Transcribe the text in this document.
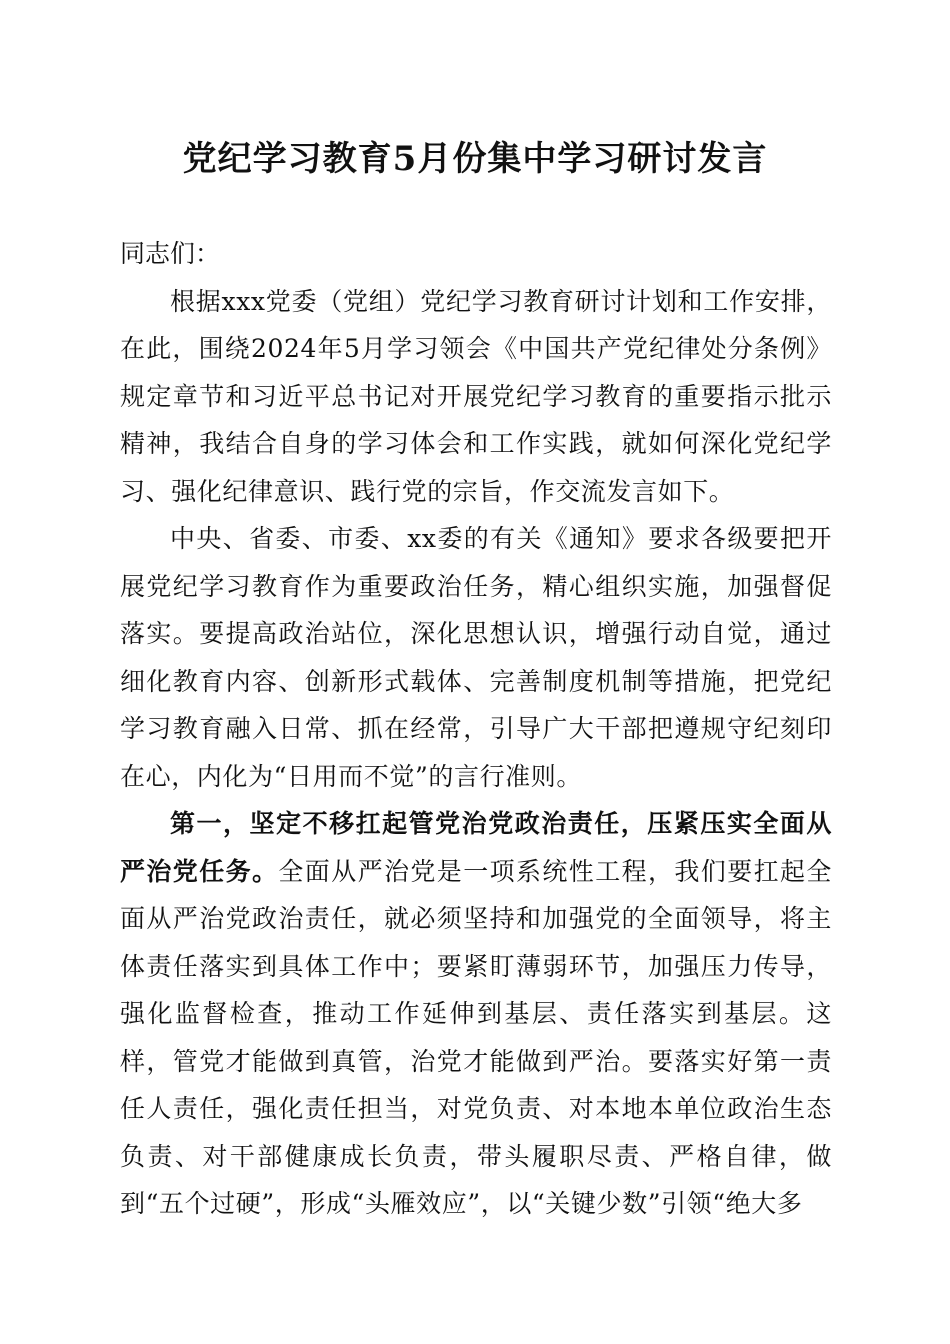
党纪学习教育5月份集中学习研讨发言

同志们：

根据xxx党委（党组）党纪学习教育研讨计划和工作安排，在此，围绕2024年5月学习领会《中国共产党纪律处分条例》规定章节和习近平总书记对开展党纪学习教育的重要指示批示精神，我结合自身的学习体会和工作实践，就如何深化党纪学习、强化纪律意识、践行党的宗旨，作交流发言如下。

中央、省委、市委、xx委的有关《通知》要求各级要把开展党纪学习教育作为重要政治任务，精心组织实施，加强督促落实。要提高政治站位，深化思想认识，增强行动自觉，通过细化教育内容、创新形式载体、完善制度机制等措施，把党纪学习教育融入日常、抓在经常，引导广大干部把遵规守纪刻印在心，内化为“日用而不觉”的言行准则。

第一，坚定不移扛起管党治党政治责任，压紧压实全面从严治党任务。全面从严治党是一项系统性工程，我们要扛起全面从严治党政治责任，就必须坚持和加强党的全面领导，将主体责任落实到具体工作中；要紧盯薄弱环节，加强压力传导，强化监督检查，推动工作延伸到基层、责任落实到基层。这样，管党才能做到真管，治党才能做到严治。要落实好第一责任人责任，强化责任担当，对党负责、对本地本单位政治生态负责、对干部健康成长负责，带头履职尽责、严格自律，做到“五个过硬”，形成“头雁效应”，以“关键少数”引领“绝大多
